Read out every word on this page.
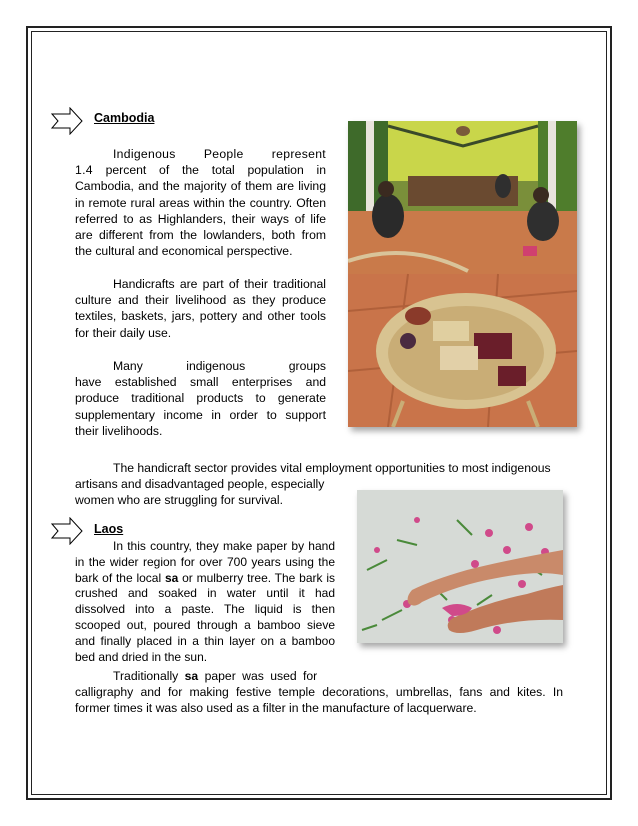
Cambodia

Indigenous People represent 1.4 percent of the total population in Cambodia, and the majority of them are living in remote rural areas within the country. Often referred to as Highlanders, their ways of life are different from the lowlanders, both from the cultural and economical perspective.

Handicrafts are part of their traditional culture and their livelihood as they produce textiles, baskets, jars, pottery and other tools for their daily use.

Many indigenous groups have established small enterprises and produce traditional products to generate supplementary income in order to support their livelihoods.

The handicraft sector provides vital employment opportunities to most indigenous
artisans and disadvantaged people, especially
women who are struggling for survival.
Laos

In this country, they make paper by hand in the wider region for over 700 years using the bark of the local sa or mulberry tree. The bark is crushed and soaked in water until it had dissolved into a paste. The liquid is then scooped out, poured through a bamboo sieve and finally placed in a thin layer on a bamboo bed and dried in the sun.

Traditionally sa paper was used for
calligraphy and for making festive temple decorations, umbrellas, fans and kites. In
former times it was also used as a filter in the manufacture of lacquerware.
